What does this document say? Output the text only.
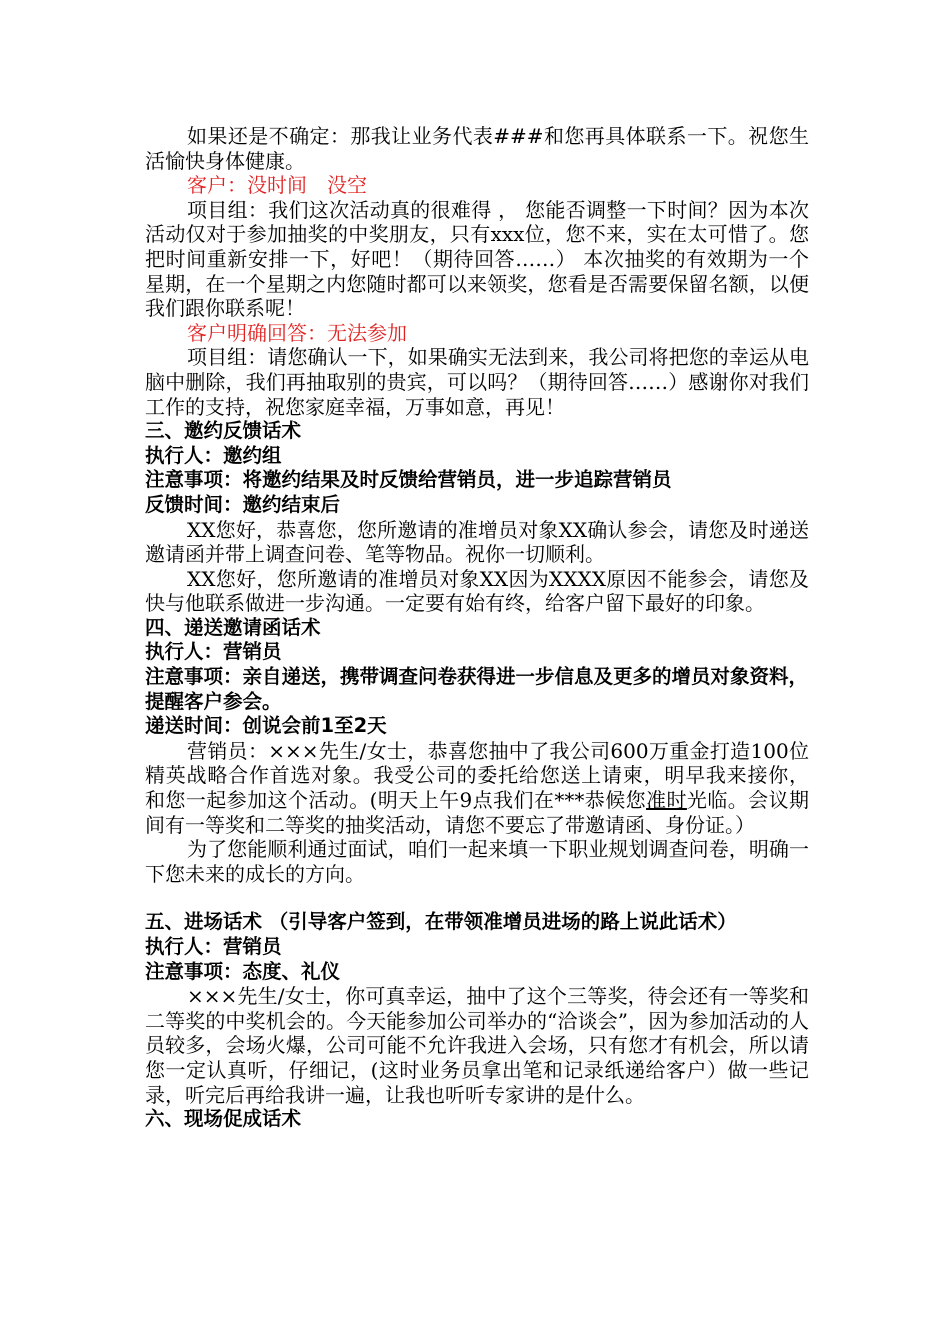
如果还是不确定：那我让业务代表###和您再具体联系一下。祝您生活愉快身体健康。

客户：没时间　没空

项目组：我们这次活动真的很难得 ， 您能否调整一下时间？因为本次活动仅对于参加抽奖的中奖朋友，只有xxx位，您不来，实在太可惜了。您把时间重新安排一下，好吧！（期待回答……） 本次抽奖的有效期为一个星期，在一个星期之内您随时都可以来领奖，您看是否需要保留名额，以便我们跟你联系呢！

客户明确回答：无法参加

项目组：请您确认一下，如果确实无法到来，我公司将把您的幸运从电脑中删除，我们再抽取别的贵宾，可以吗？（期待回答……）感谢你对我们工作的支持，祝您家庭幸福，万事如意，再见！

三、邀约反馈话术

执行人：邀约组

注意事项：将邀约结果及时反馈给营销员，进一步追踪营销员

反馈时间：邀约结束后

XX您好，恭喜您，您所邀请的准增员对象XX确认参会，请您及时递送邀请函并带上调查问卷、笔等物品。祝你一切顺利。

XX您好，您所邀请的准增员对象XX因为XXXX原因不能参会，请您及快与他联系做进一步沟通。一定要有始有终，给客户留下最好的印象。

四、递送邀请函话术

执行人：营销员

注意事项：亲自递送，携带调查问卷获得进一步信息及更多的增员对象资料，提醒客户参会。

递送时间：创说会前1至2天

营销员：×××先生/女士，恭喜您抽中了我公司600万重金打造100位精英战略合作首选对象。我受公司的委托给您送上请柬，明早我来接你， 和您一起参加这个活动。(明天上午9点我们在***恭候您准时光临。会议期间有一等奖和二等奖的抽奖活动，请您不要忘了带邀请函、身份证。）

为了您能顺利通过面试，咱们一起来填一下职业规划调查问卷，明确一下您未来的成长的方向。

五、进场话术 （引导客户签到，在带领准增员进场的路上说此话术）

执行人：营销员

注意事项：态度、礼仪

×××先生/女士，你可真幸运，抽中了这个三等奖，待会还有一等奖和二等奖的中奖机会的。今天能参加公司举办的“洽谈会”，因为参加活动的人员较多，会场火爆，公司可能不允许我进入会场，只有您才有机会，所以请您一定认真听，仔细记，(这时业务员拿出笔和记录纸递给客户）做一些记录，听完后再给我讲一遍，让我也听听专家讲的是什么。

六、现场促成话术
